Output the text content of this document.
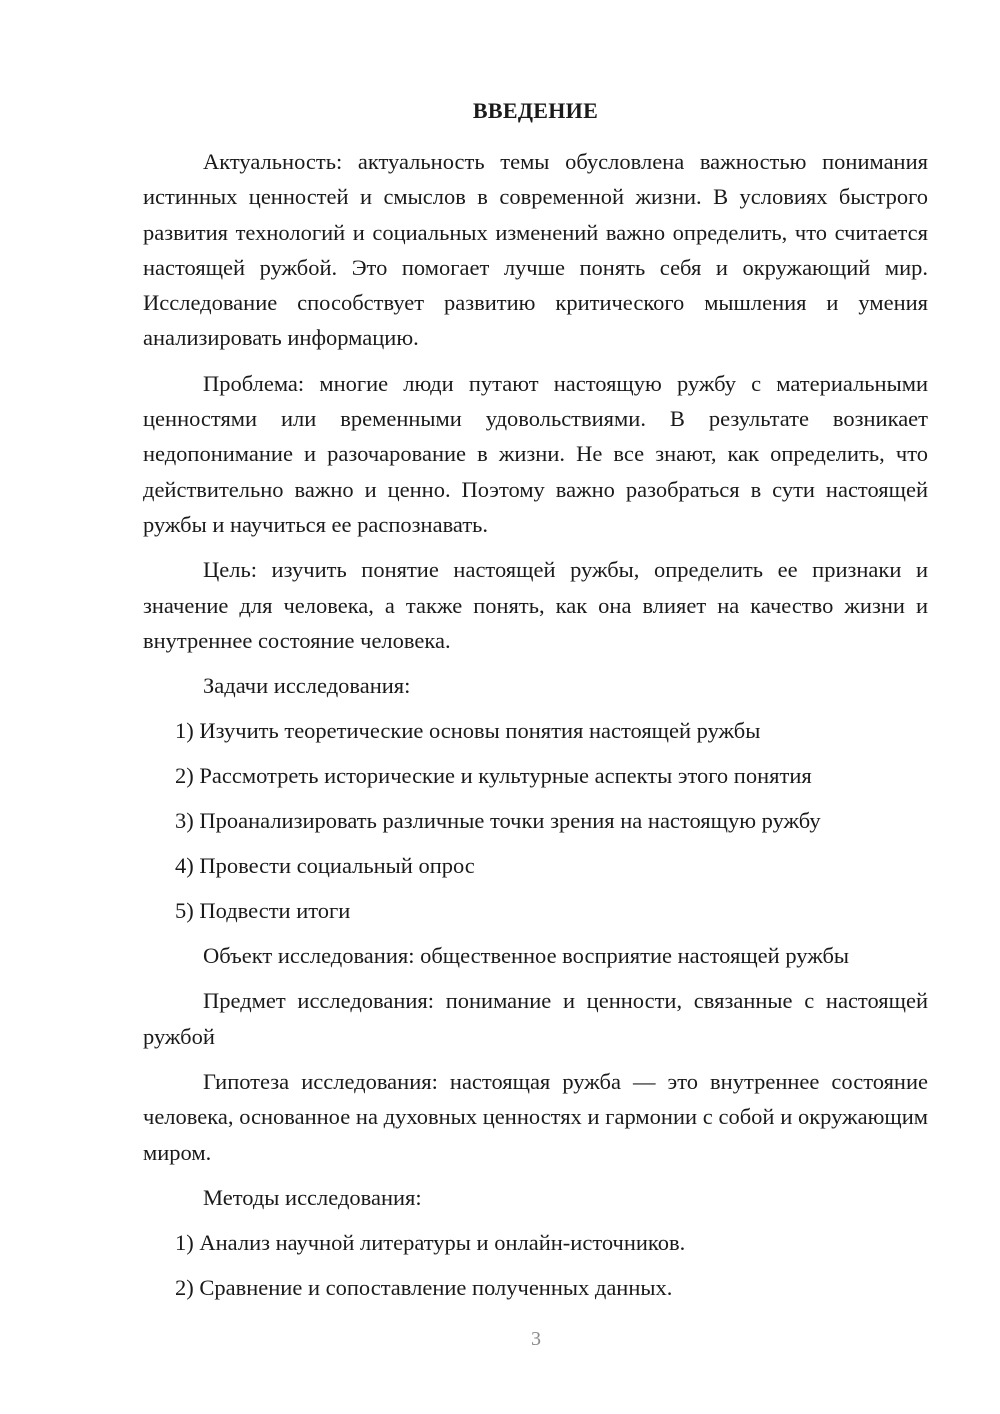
ВВЕДЕНИЕ

Актуальность: актуальность темы обусловлена важностью понимания истинных ценностей и смыслов в современной жизни. В условиях быстрого развития технологий и социальных изменений важно определить, что считается настоящей ружбой. Это помогает лучше понять себя и окружающий мир. Исследование способствует развитию критического мышления и умения анализировать информацию.

Проблема: многие люди путают настоящую ружбу с материальными ценностями или временными удовольствиями. В результате возникает недопонимание и разочарование в жизни. Не все знают, как определить, что действительно важно и ценно. Поэтому важно разобраться в сути настоящей ружбы и научиться ее распознавать.

Цель: изучить понятие настоящей ружбы, определить ее признаки и значение для человека, а также понять, как она влияет на качество жизни и внутреннее состояние человека.

Задачи исследования:
1) Изучить теоретические основы понятия настоящей ружбы
2) Рассмотреть исторические и культурные аспекты этого понятия
3) Проанализировать различные точки зрения на настоящую ружбу
4) Провести социальный опрос
5) Подвести итоги

Объект исследования: общественное восприятие настоящей ружбы

Предмет исследования: понимание и ценности, связанные с настоящей ружбой

Гипотеза исследования: настоящая ружба — это внутреннее состояние человека, основанное на духовных ценностях и гармонии с собой и окружающим миром.

Методы исследования:
1) Анализ научной литературы и онлайн-источников.
2) Сравнение и сопоставление полученных данных.
3
